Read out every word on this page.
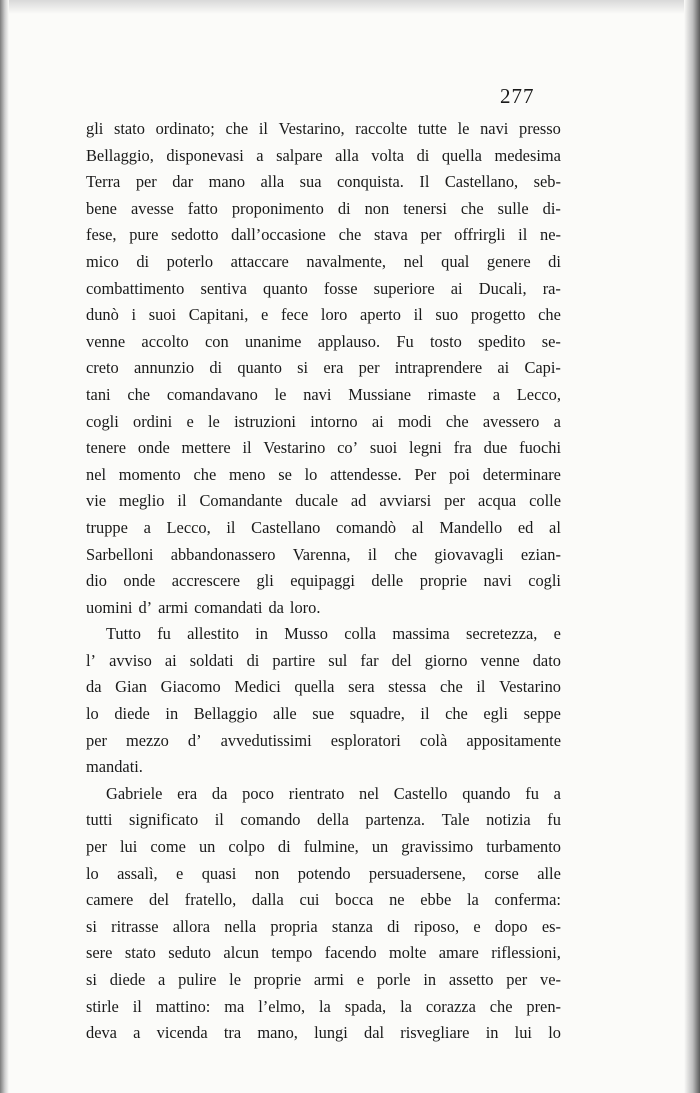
277
gli stato ordinato; che il Vestarino, raccolte tutte le navi presso
Bellaggio, disponevasi a salpare alla volta di quella medesima
Terra per dar mano alla sua conquista. Il Castellano, seb-
bene avesse fatto proponimento di non tenersi che sulle di-
fese, pure sedotto dall’occasione che stava per offrirgli il ne-
mico di poterlo attaccare navalmente, nel qual genere di
combattimento sentiva quanto fosse superiore ai Ducali, ra-
dunò i suoi Capitani, e fece loro aperto il suo progetto che
venne accolto con unanime applauso. Fu tosto spedito se-
creto annunzio di quanto si era per intraprendere ai Capi-
tani che comandavano le navi Mussiane rimaste a Lecco,
cogli ordini e le istruzioni intorno ai modi che avessero a
tenere onde mettere il Vestarino co’ suoi legni fra due fuochi
nel momento che meno se lo attendesse. Per poi determinare
vie meglio il Comandante ducale ad avviarsi per acqua colle
truppe a Lecco, il Castellano comandò al Mandello ed al
Sarbelloni abbandonassero Varenna, il che giovavagli ezian-
dio onde accrescere gli equipaggi delle proprie navi cogli
uomini d’ armi comandati da loro.
Tutto fu allestito in Musso colla massima secretezza, e
l’ avviso ai soldati di partire sul far del giorno venne dato
da Gian Giacomo Medici quella sera stessa che il Vestarino
lo diede in Bellaggio alle sue squadre, il che egli seppe
per mezzo d’ avvedutissimi esploratori colà appositamente
mandati.
Gabriele era da poco rientrato nel Castello quando fu a
tutti significato il comando della partenza. Tale notizia fu
per lui come un colpo di fulmine, un gravissimo turbamento
lo assalì, e quasi non potendo persuadersene, corse alle
camere del fratello, dalla cui bocca ne ebbe la conferma:
si ritrasse allora nella propria stanza di riposo, e dopo es-
sere stato seduto alcun tempo facendo molte amare riflessioni,
si diede a pulire le proprie armi e porle in assetto per ve-
stirle il mattino: ma l’elmo, la spada, la corazza che pren-
deva a vicenda tra mano, lungi dal risvegliare in lui lo
